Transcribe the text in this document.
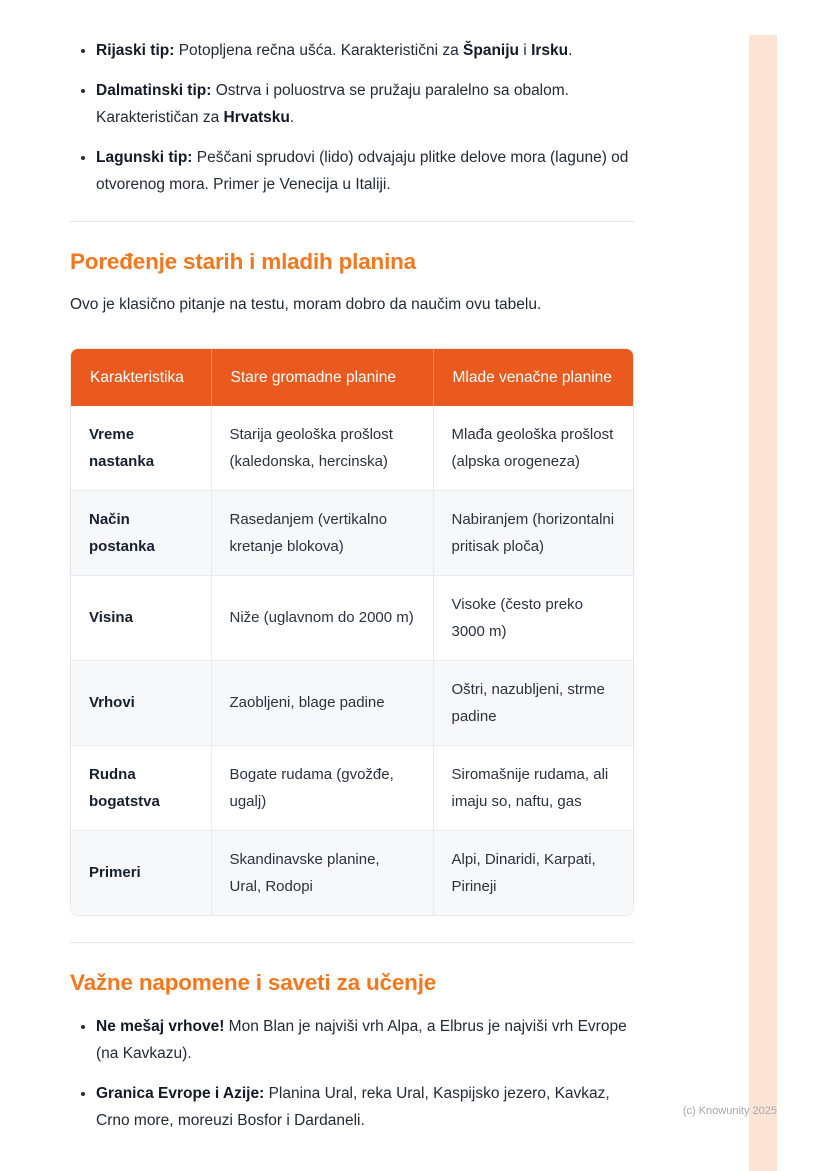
• Rijaski tip: Potopljena rečna ušća. Karakteristični za Španiju i Irsku.
• Dalmatinski tip: Ostrva i poluostrva se pružaju paralelno sa obalom. Karakterističan za Hrvatsku.
• Lagunski tip: Peščani sprudovi (lido) odvajaju plitke delove mora (lagune) od otvorenog mora. Primer je Venecija u Italiji.
Poređenje starih i mladih planina

Ovo je klasično pitanje na testu, moram dobro da naučim ovu tabelu.

Karakteristika	Stare gromadne planine	Mlade venačne planine
Vreme nastanka	Starija geološka prošlost (kaledonska, hercinska)	Mlađa geološka prošlost (alpska orogeneza)
Način postanka	Rasedanjem (vertikalno kretanje blokova)	Nabiranjem (horizontalni pritisak ploča)
Visina	Niže (uglavnom do 2000 m)	Visoke (često preko 3000 m)
Vrhovi	Zaobljeni, blage padine	Oštri, nazubljeni, strme padine
Rudna bogatstva	Bogate rudama (gvožđe, ugalj)	Siromašnije rudama, ali imaju so, naftu, gas
Primeri	Skandinavske planine, Ural, Rodopi	Alpi, Dinaridi, Karpati, Pirineji
Važne napomene i saveti za učenje
• Ne mešaj vrhove! Mon Blan je najviši vrh Alpa, a Elbrus je najviši vrh Evrope (na Kavkazu).
• Granica Evrope i Azije: Planina Ural, reka Ural, Kaspijsko jezero, Kavkaz, Crno more, moreuzi Bosfor i Dardaneli.
(c) Knowunity 2025
